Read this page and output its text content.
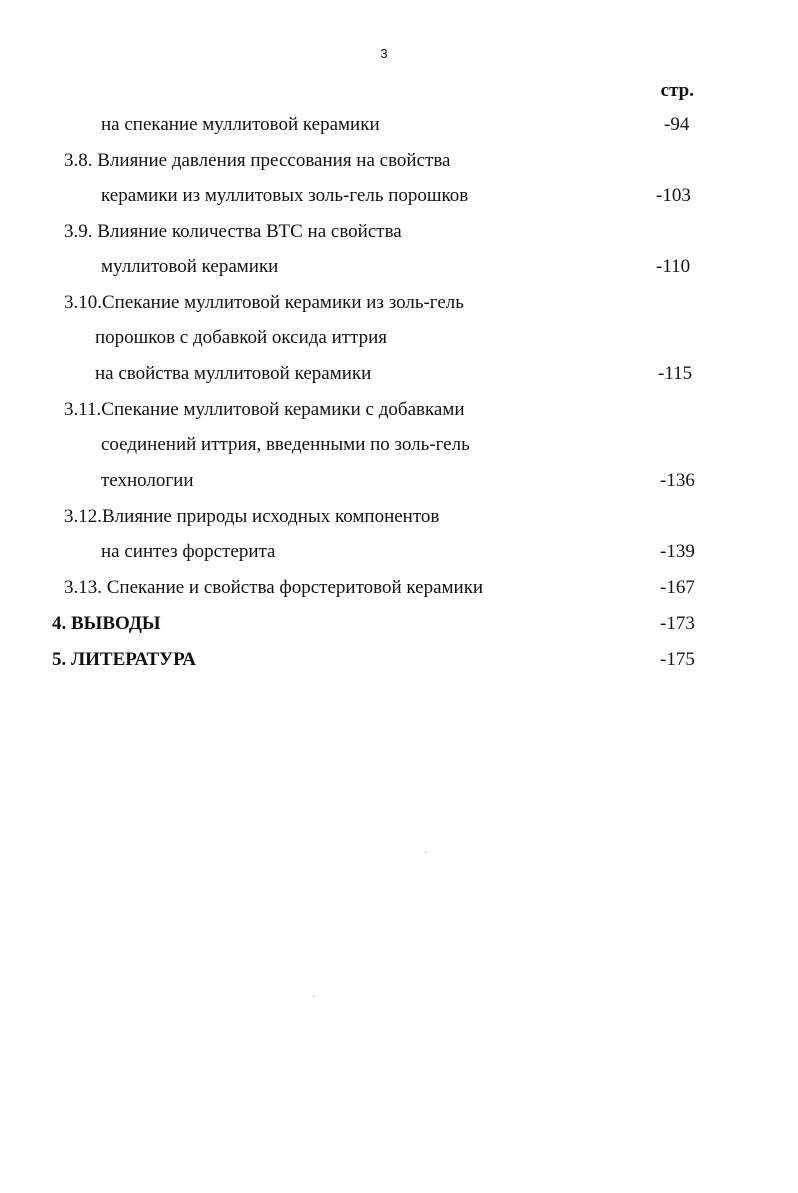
3
стр.
на спекание муллитовой керамики	-94
3.8. Влияние давления прессования на свойства
керамики из муллитовых золь-гель порошков	-103
3.9. Влияние количества ВТС на свойства
муллитовой керамики	-110
3.10.Спекание муллитовой керамики из золь-гель
порошков с добавкой оксида иттрия
на свойства муллитовой керамики	-115
3.11.Спекание муллитовой керамики с добавками
соединений иттрия, введенными по золь-гель
технологии	-136
3.12.Влияние природы исходных компонентов
на синтез форстерита	-139
3.13. Спекание и свойства форстеритовой керамики	-167
4. ВЫВОДЫ	-173
5. ЛИТЕРАТУРА	-175
